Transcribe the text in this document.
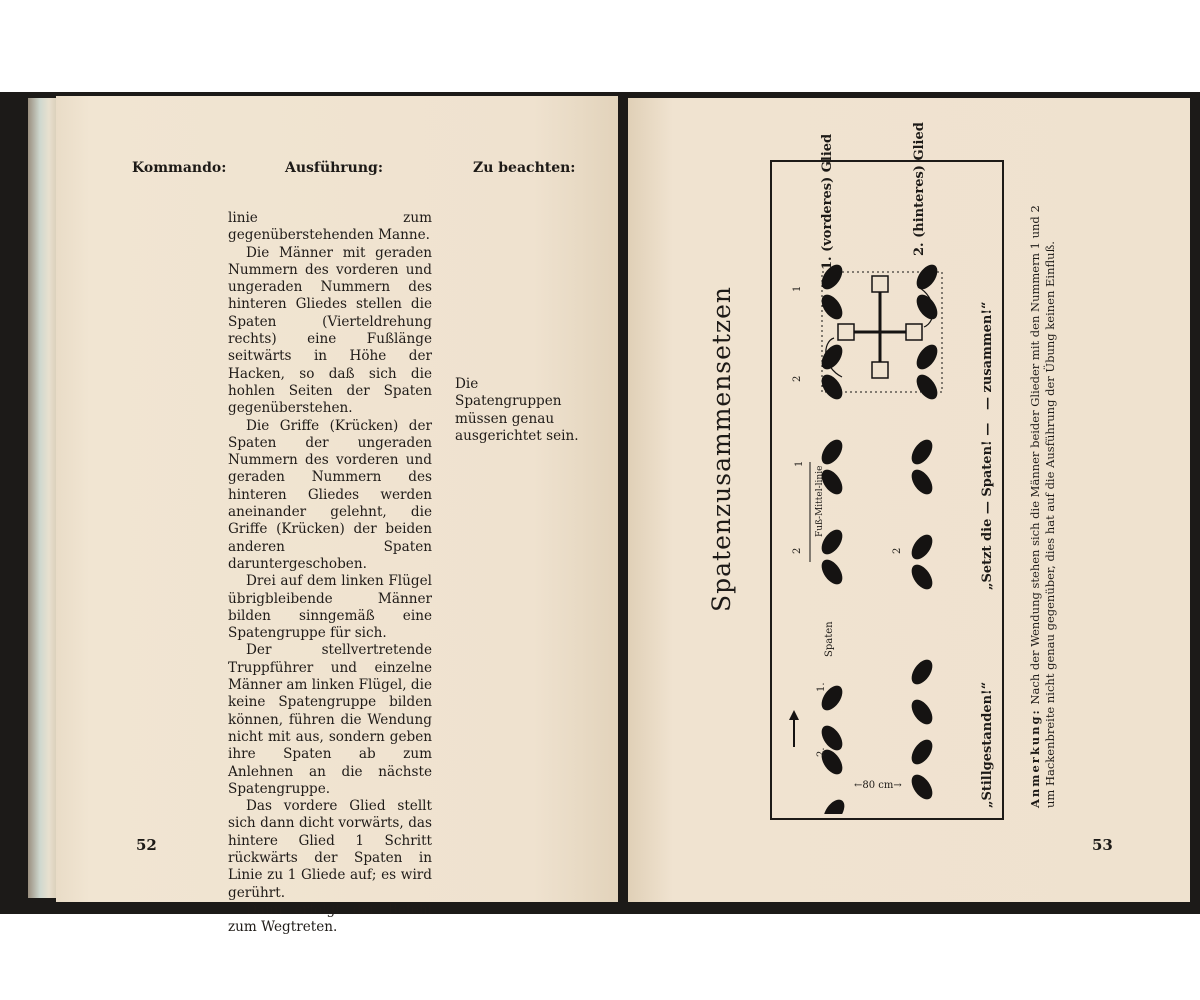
Kommando:	Ausführung:	Zu beachten:

linie zum gegenüberstehenden Manne.

Die Männer mit geraden Nummern des vorderen und ungeraden Nummern des hinteren Gliedes stellen die Spaten (Vierteldrehung rechts) eine Fußlänge seitwärts in Höhe der Hacken, so daß sich die hohlen Seiten der Spaten gegenüberstehen.

Die Griffe (Krücken) der Spaten der ungeraden Nummern des vorderen und geraden Nummern des hinteren Gliedes werden aneinander gelehnt, die Griffe (Krücken) der beiden anderen Spaten daruntergeschoben.

Drei auf dem linken Flügel übrigbleibende Männer bilden sinngemäß eine Spatengruppe für sich.

Der stellvertretende Truppführer und einzelne Männer am linken Flügel, die keine Spatengruppe bilden können, führen die Wendung nicht mit aus, sondern geben ihre Spaten ab zum Anlehnen an die nächste Spatengruppe.

Das vordere Glied stellt sich dann dicht vorwärts, das hintere Glied 1 Schritt rückwärts der Spaten in Linie zu 1 Gliede auf; es wird gerührt.

Dann erfolgt der Befehl zum Wegtreten.

Die Spatengruppen müssen genau ausgerichtet sein.
52
Spatenzusammensetzen	1
2
1
2	2
1.
2.
Spaten
Fuß-Mittel-linie
←80 cm→
1. (vorderes) Glied	2. (hinteres) Glied
„Stillgestanden!“
„Setzt die — Spaten! —
— zusammen!“
Anmerkung: Nach der Wendung stehen sich die Männer beider Glieder mit den Nummern 1 und 2 um Hackenbreite nicht genau gegenüber, dies hat auf die Ausführung der Übung keinen Einfluß.
53
